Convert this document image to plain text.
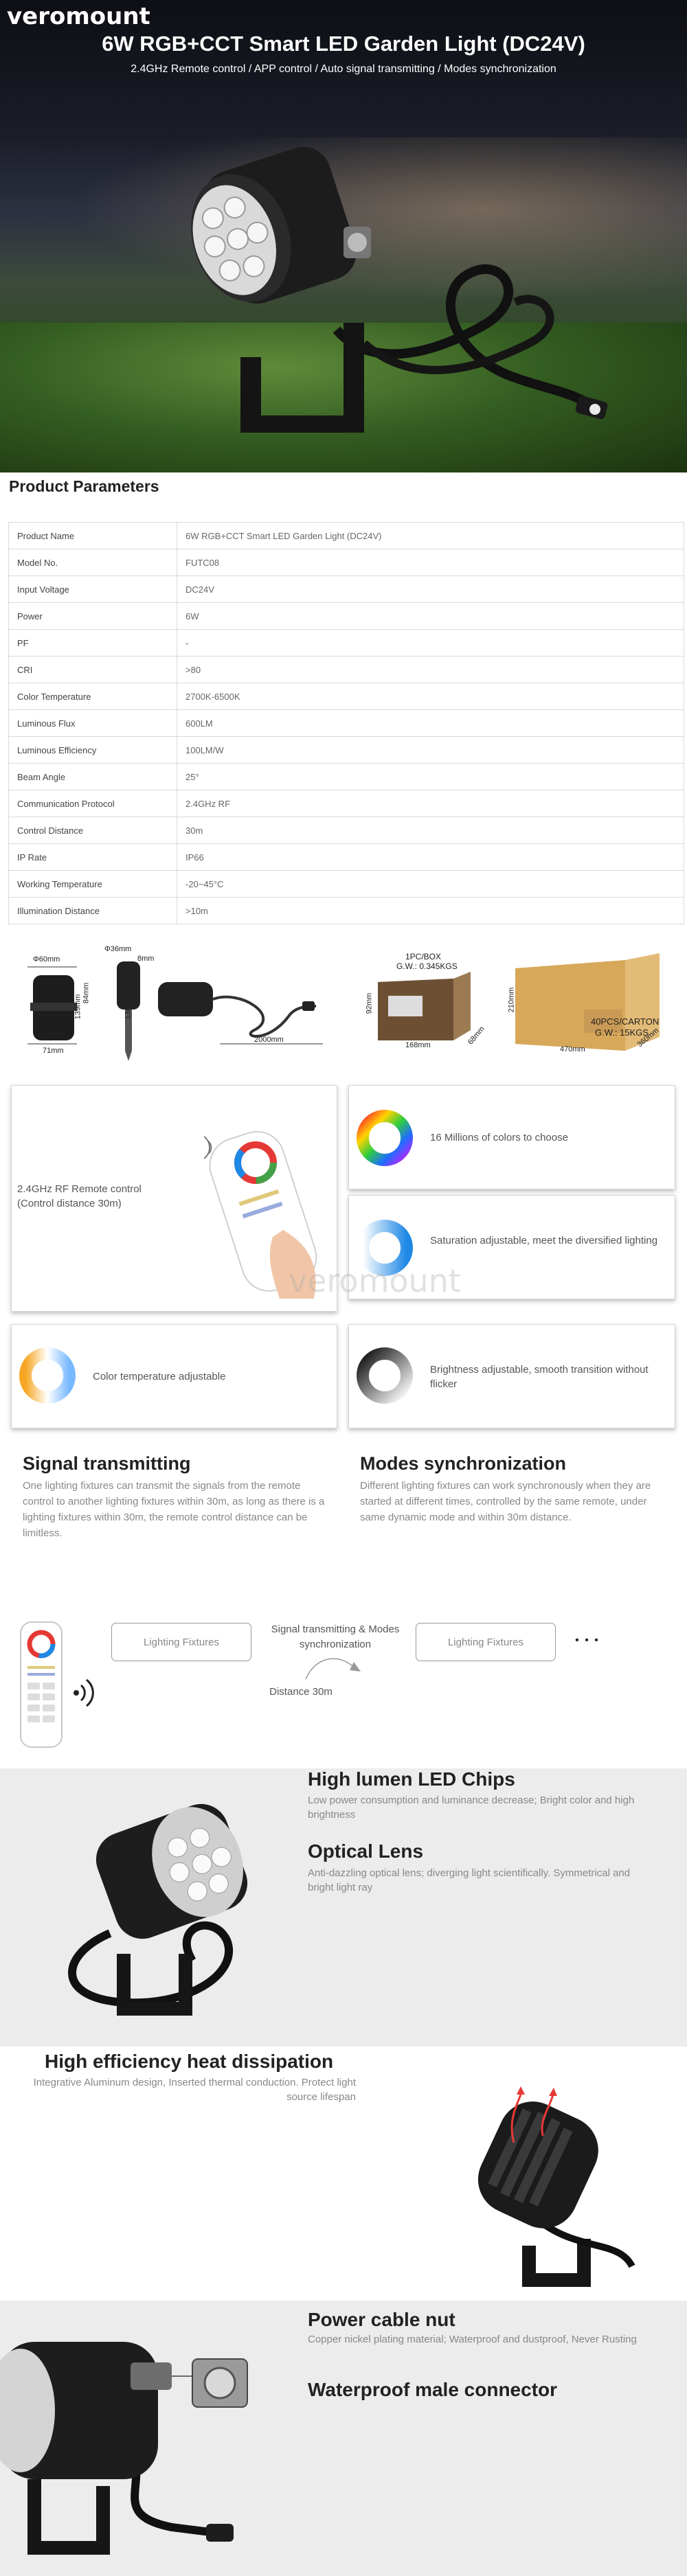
veromount
6W RGB+CCT Smart LED Garden Light (DC24V)
2.4GHz Remote control / APP control / Auto signal transmitting / Modes synchronization
Product Parameters
Product Name	6W RGB+CCT Smart LED Garden Light (DC24V)
Model No.	FUTC08
Input Voltage	DC24V
Power	6W
PF	-
CRI	>80
Color Temperature	2700K-6500K
Luminous Flux	600LM
Luminous Efficiency	100LM/W
Beam Angle	25°
Communication Protocol	2.4GHz RF
Control Distance	30m
IP Rate	IP66
Working Temperature	-20~45°C
Illumination Distance	>10m
Φ60mm
Φ36mm
8mm
84mm
139mm
71mm
136mm
2000mm
1PC/BOX
G.W.: 0.345KGS
92mm
168mm	68mm
40PCS/CARTON
G.W.: 15KGS
210mm
470mm
360mm
2.4GHz RF Remote control (Control distance 30m)
16 Millions of colors to choose
Saturation adjustable, meet the diversified lighting
Color temperature adjustable
Brightness adjustable, smooth transition without flicker
veromount
Signal transmitting
One lighting fixtures can transmit the signals from the remote control to another lighting fixtures within 30m, as long as there is a lighting fixtures within 30m, the remote control distance can be limitless.
Modes synchronization
Different lighting fixtures can work synchronously when they are started at different times, controlled by the same remote, under same dynamic mode and within 30m distance.
Lighting Fixtures
Signal transmitting & Modes synchronization
Distance 30m
Lighting Fixtures	• • •
High lumen LED Chips
Low power consumption and luminance decrease; Bright color and high brightness
Optical Lens
Anti-dazzling optical lens; diverging light scientifically. Symmetrical and bright light ray
High efficiency heat dissipation
Integrative Aluminum design, Inserted thermal conduction. Protect light source lifespan
Power cable nut
Copper nickel plating material; Waterproof and dustproof, Never Rusting
Waterproof male connector
